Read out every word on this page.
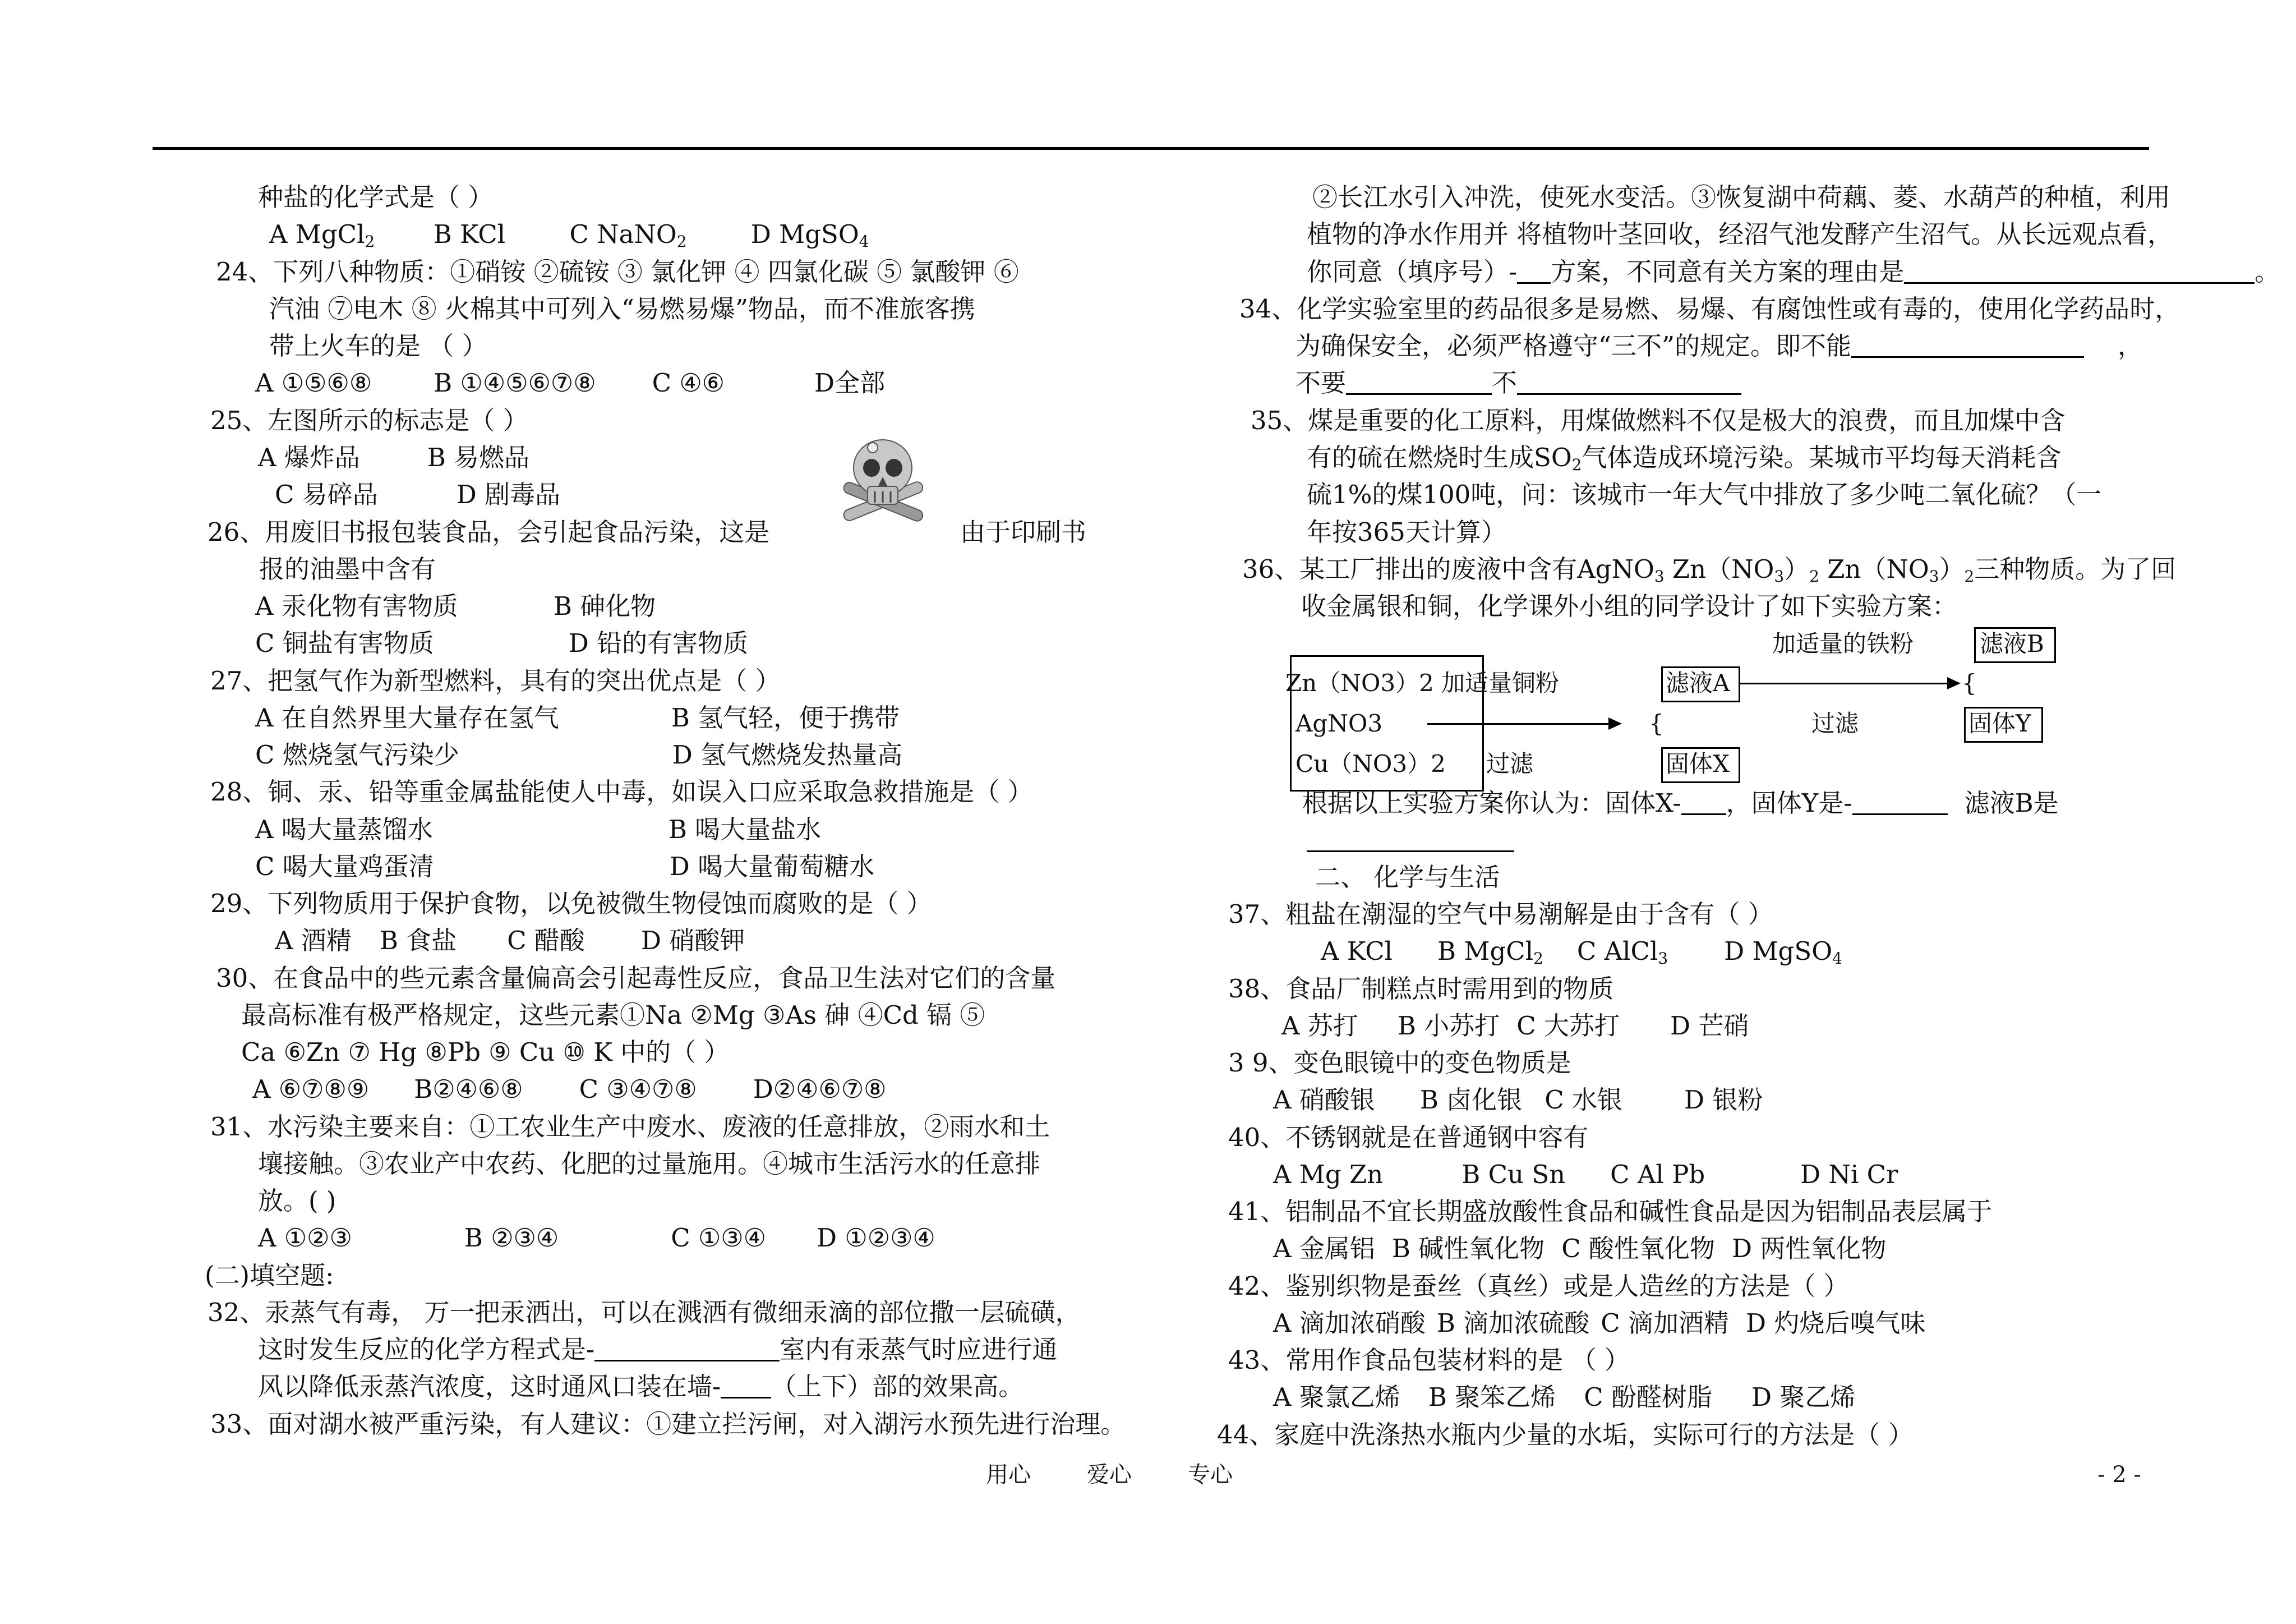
种盐的化学式是（ ）
A MgCl$_2$ B KCl	C NaNO$_2$	D MgSO$_4$
24、下列八种物质：①硝铵 ②硫铵 ③ 氯化钾 ④ 四氯化碳 ⑤ 氯酸钾 ⑥
汽油 ⑦电木 ⑧ 火棉其中可列入“易燃易爆”物品，而不准旅客携
带上火车的是 （ ）
A ①⑤⑥⑧ B ①④⑤⑥⑦⑧ C ④⑥	D全部
25、左图所示的标志是（ ）
A 爆炸品	B 易燃品
C 易碎品	D 剧毒品
26、用废旧书报包装食品，会引起食品污染，这是	由于印刷书
报的油墨中含有
A 汞化物有害物质	B 砷化物
C 铜盐有害物质	D 铅的有害物质
27、把氢气作为新型燃料，具有的突出优点是（ ）
A 在自然界里大量存在氢气	B 氢气轻，便于携带
C 燃烧氢气污染少	D 氢气燃烧发热量高
28、铜、汞、铅等重金属盐能使人中毒，如误入口应采取急救措施是（ ）
A 喝大量蒸馏水	B 喝大量盐水
C 喝大量鸡蛋清	D 喝大量葡萄糖水
29、下列物质用于保护食物，以免被微生物侵蚀而腐败的是（ ）
A 酒精 B 食盐 C 醋酸 D 硝酸钾
30、在食品中的些元素含量偏高会引起毒性反应，食品卫生法对它们的含量
最高标准有极严格规定，这些元素①Na ②Mg ③As 砷 ④Cd 镉 ⑤
Ca ⑥Zn ⑦ Hg ⑧Pb ⑨ Cu ⑩ K 中的（ ）
A ⑥⑦⑧⑨ B②④⑥⑧ C ③④⑦⑧ D②④⑥⑦⑧
31、水污染主要来自：①工农业生产中废水、废液的任意排放，②雨水和土
壤接触。③农业产中农药、化肥的过量施用。④城市生活污水的任意排
放。( )
A ①②③	B ②③④	C ①③④ D ①②③④
(二)填空题:
32、汞蒸气有毒， 万一把汞洒出，可以在溅洒有微细汞滴的部位撒一层硫磺，
这时发生反应的化学方程式是-	室内有汞蒸气时应进行通
风以降低汞蒸汽浓度，这时通风口装在墙- （上下）部的效果高。
33、面对湖水被严重污染，有人建议：①建立拦污闸，对入湖污水预先进行治理。
②长江水引入冲洗，使死水变活。③恢复湖中荷藕、菱、水葫芦的种植，利用
植物的净水作用并 将植物叶茎回收，经沼气池发酵产生沼气。从长远观点看，
你同意（填序号）- 方案，不同意有关方案的理由是	。
34、化学实验室里的药品很多是易燃、易爆、有腐蚀性或有毒的，使用化学药品时，
为确保安全，必须严格遵守“三不”的规定。即不能	，
不要	不
35、煤是重要的化工原料，用煤做燃料不仅是极大的浪费，而且加煤中含
有的硫在燃烧时生成$SO_2$气体造成环境污染。某城市平均每天消耗含
硫1%的煤100吨，问：该城市一年大气中排放了多少吨二氧化硫？（一
年按365天计算）
36、某工厂排出的废液中含有AgNO$_3$ $Zn(NO_3)_2$ $Zn(NO_3)_2$三种物质。为了回
收金属银和铜，化学课外小组的同学设计了如下实验方案：
加适量的铁粉	滤液B
Zn（NO3）2 加适量铜粉	滤液A	{
AgNO3	{	过滤	固体Y
Cu（NO3）2 过滤	固体X
根据以上实验方案你认为：固体X- ，固体Y是-	滤液B是
二、 化学与生活
37、粗盐在潮湿的空气中易潮解是由于含有（ ）
A KCl B MgCl$_2$ C AlCl$_3$ D MgSO$_4$
38、食品厂制糕点时需用到的物质
A 苏打 B 小苏打 C 大苏打 D 芒硝
3 9、变色眼镜中的变色物质是
A 硝酸银 B 卤化银 C 水银 D 银粉
40、不锈钢就是在普通钢中容有
A Mg Zn	B Cu Sn C Al Pb	D Ni Cr
41、铝制品不宜长期盛放酸性食品和碱性食品是因为铝制品表层属于
A 金属铝 B 碱性氧化物 C 酸性氧化物 D 两性氧化物
42、鉴别织物是蚕丝（真丝）或是人造丝的方法是（ ）
A 滴加浓硝酸 B 滴加浓硫酸 C 滴加酒精 D 灼烧后嗅气味
43、常用作食品包装材料的是 （ ）
A 聚氯乙烯 B 聚笨乙烯 C 酚醛树脂 D 聚乙烯
44、家庭中洗涤热水瓶内少量的水垢，实际可行的方法是（ ）
用心	爱心	专心	- 2 -
